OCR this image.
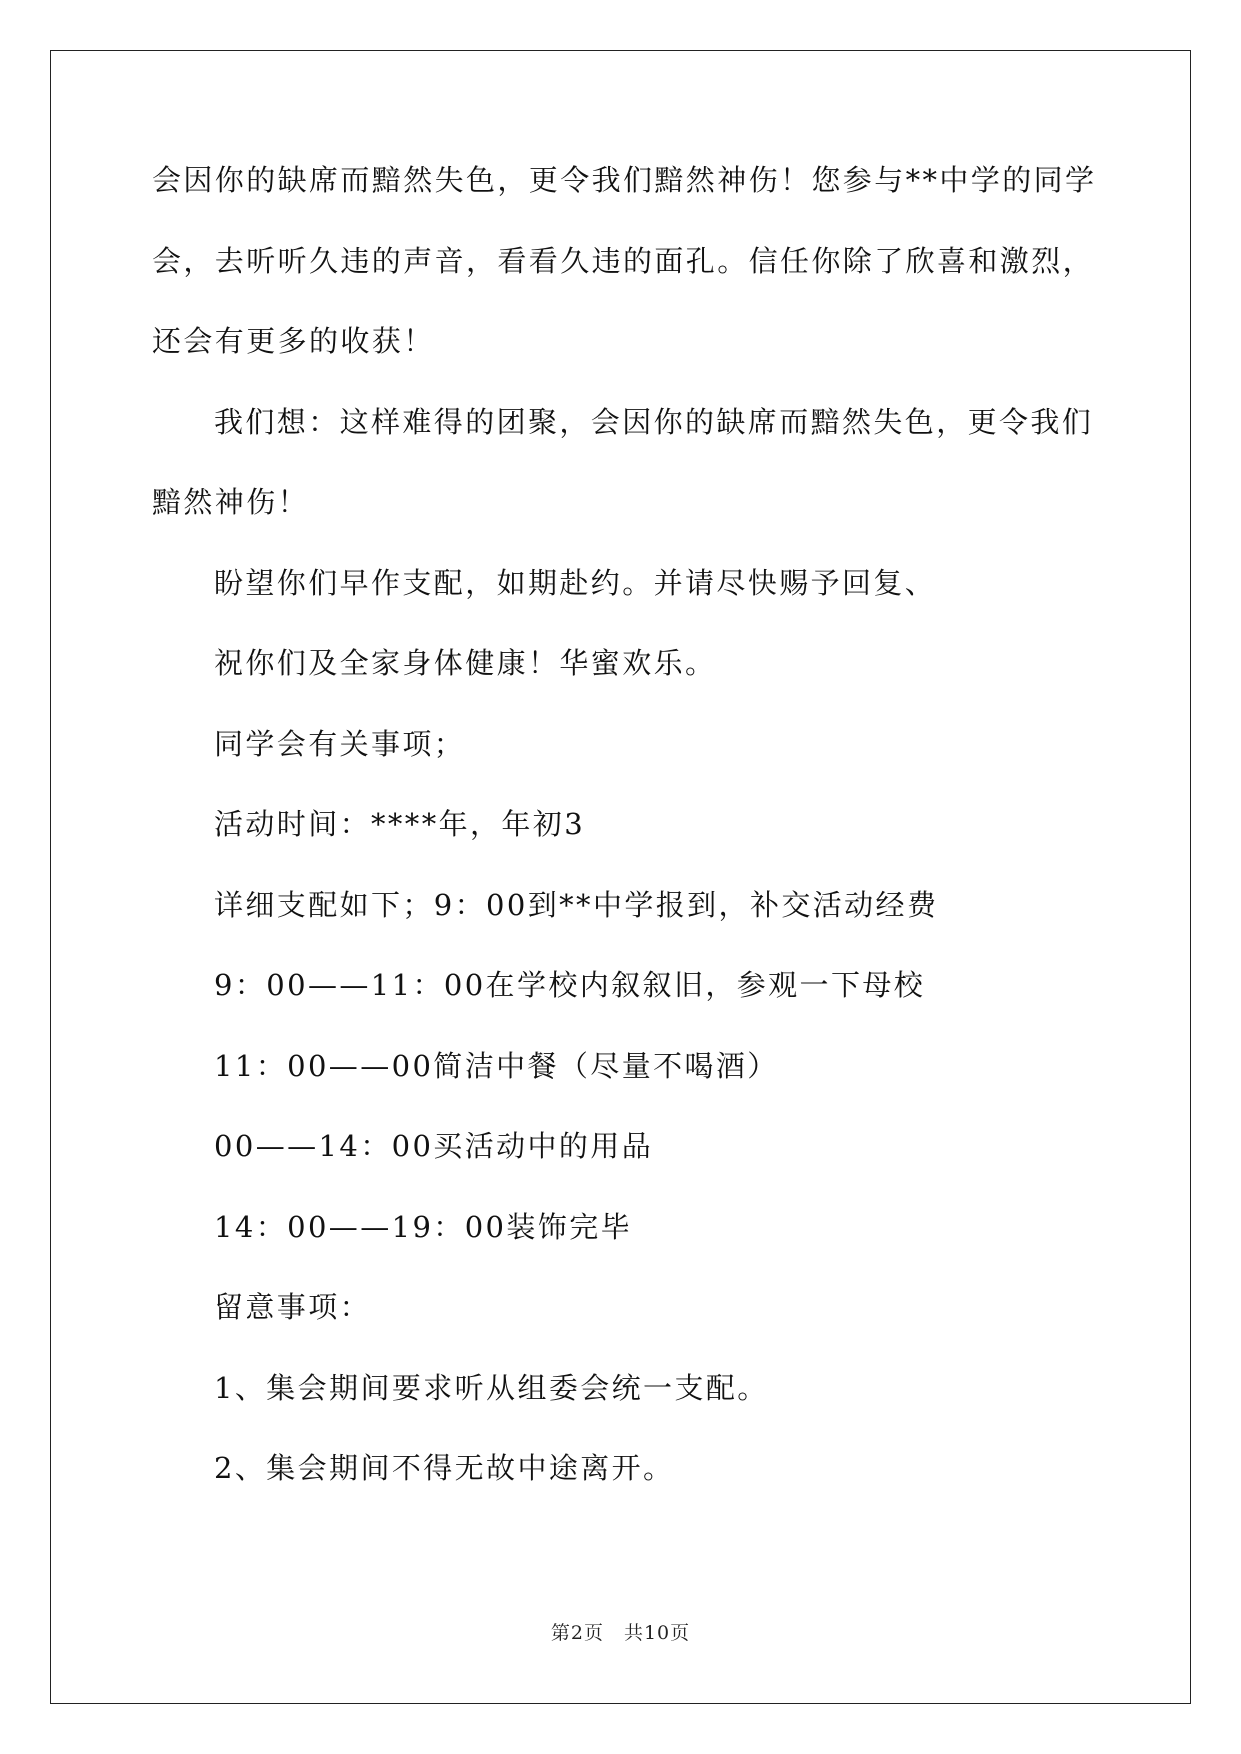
会因你的缺席而黯然失色，更令我们黯然神伤！您参与**中学的同学
会，去听听久违的声音，看看久违的面孔。信任你除了欣喜和激烈，
还会有更多的收获！
我们想：这样难得的团聚，会因你的缺席而黯然失色，更令我们
黯然神伤！
盼望你们早作支配，如期赴约。并请尽快赐予回复、
祝你们及全家身体健康！华蜜欢乐。
同学会有关事项；
活动时间：****年，年初3
详细支配如下；9：00到**中学报到，补交活动经费
9：00——11：00在学校内叙叙旧，参观一下母校
11：00——00简洁中餐（尽量不喝酒）
00——14：00买活动中的用品
14：00——19：00装饰完毕
留意事项：
1、集会期间要求听从组委会统一支配。
2、集会期间不得无故中途离开。
第2页　共10页
